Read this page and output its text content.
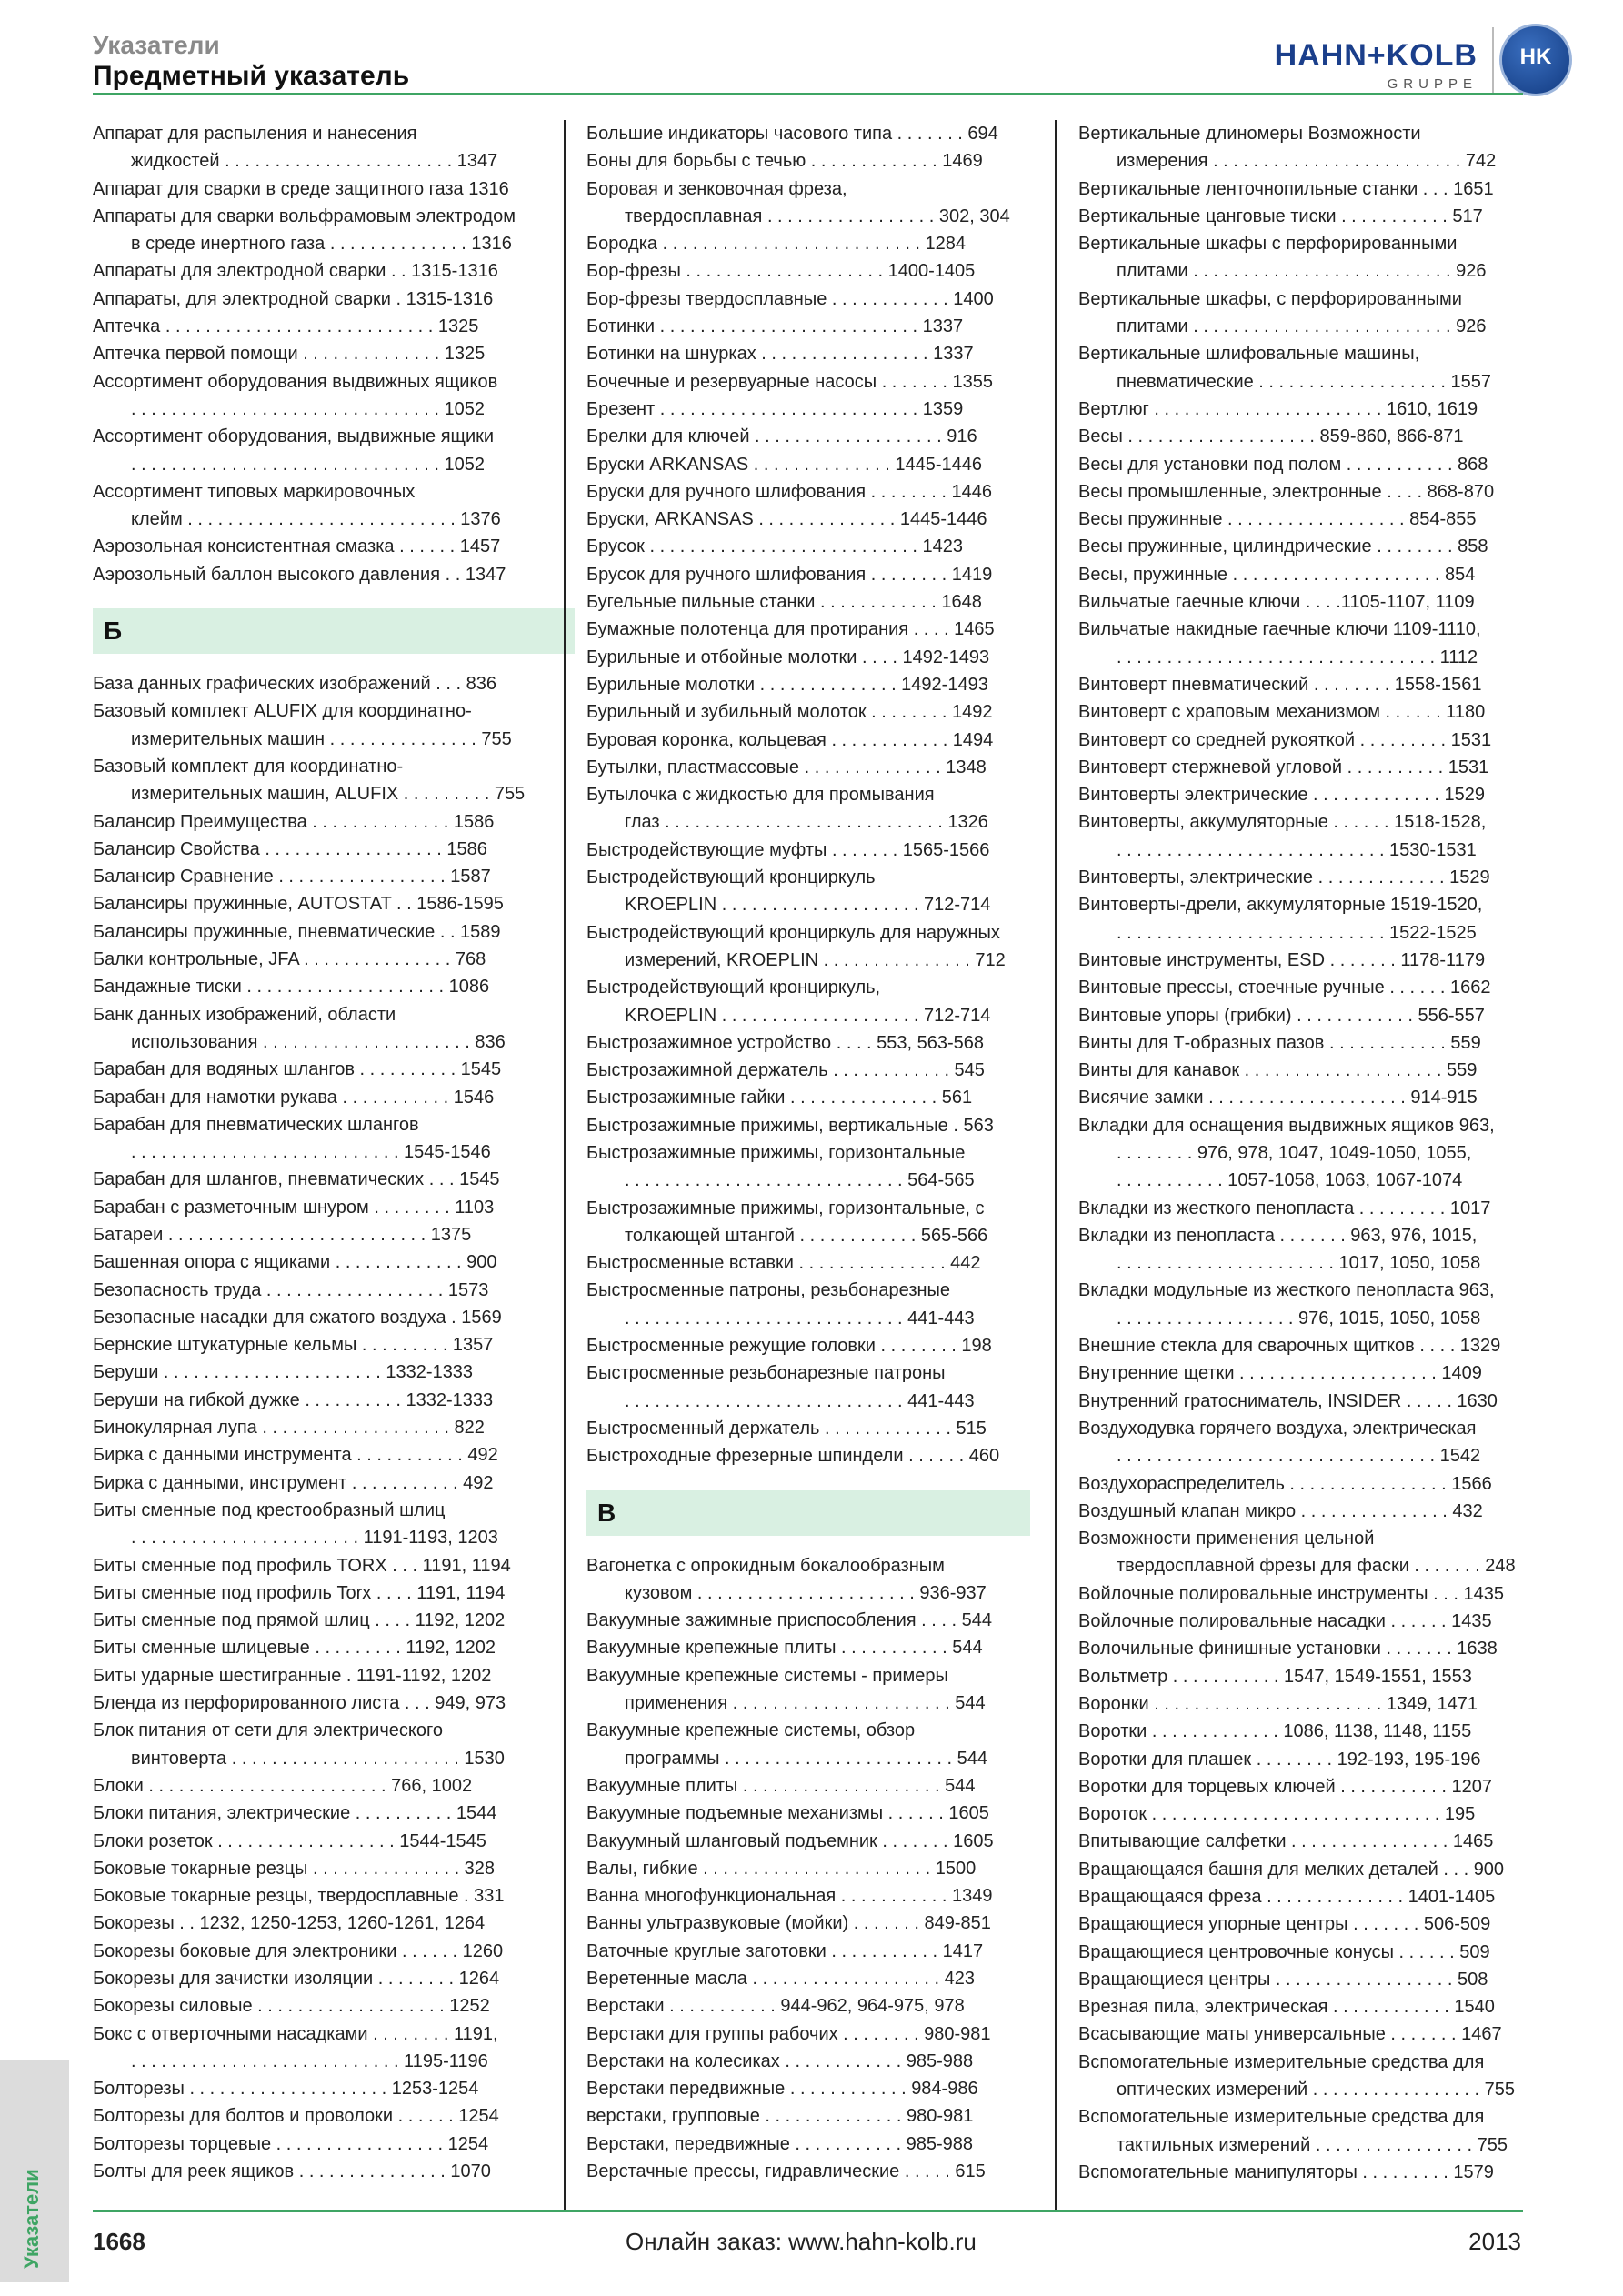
Указатели
Предметный указатель
HAHN+KOLB
GRUPPE
HK
Аппарат для распыления и нанесения
жидкостей . . . . . . . . . . . . . . . . . . . . . . . 1347
Аппарат для сварки в среде защитного газа 1316
Аппараты для сварки вольфрамовым электродом
в среде инертного газа . . . . . . . . . . . . . . 1316
Аппараты для электродной сварки . . 1315-1316
Аппараты, для электродной сварки . 1315-1316
Аптечка . . . . . . . . . . . . . . . . . . . . . . . . . . . 1325
Аптечка первой помощи . . . . . . . . . . . . . . 1325
Ассортимент оборудования выдвижных ящиков
. . . . . . . . . . . . . . . . . . . . . . . . . . . . . . . 1052
Ассортимент оборудования, выдвижные ящики
. . . . . . . . . . . . . . . . . . . . . . . . . . . . . . . 1052
Ассортимент типовых маркировочных
клейм . . . . . . . . . . . . . . . . . . . . . . . . . . . 1376
Аэрозольная консистентная смазка . . . . . . 1457
Аэрозольный баллон высокого давления . . 1347
Б
База данных графических изображений . . . 836
Базовый комплект ALUFIX для координатно-
измерительных машин . . . . . . . . . . . . . . . 755
Базовый комплект для координатно-
измерительных машин, ALUFIX . . . . . . . . . 755
Балансир Преимущества . . . . . . . . . . . . . . 1586
Балансир Свойства . . . . . . . . . . . . . . . . . . 1586
Балансир Сравнение . . . . . . . . . . . . . . . . . 1587
Балансиры пружинные, AUTOSTAT . . 1586-1595
Балансиры пружинные, пневматические . . 1589
Балки контрольные, JFA . . . . . . . . . . . . . . . 768
Бандажные тиски . . . . . . . . . . . . . . . . . . . . 1086
Банк данных изображений, области
использования . . . . . . . . . . . . . . . . . . . . . 836
Барабан для водяных шлангов . . . . . . . . . . 1545
Барабан для намотки рукава . . . . . . . . . . . 1546
Барабан для пневматических шлангов
. . . . . . . . . . . . . . . . . . . . . . . . . . . 1545-1546
Барабан для шлангов, пневматических . . . 1545
Барабан с разметочным шнуром . . . . . . . . 1103
Батареи . . . . . . . . . . . . . . . . . . . . . . . . . . 1375
Башенная опора с ящиками . . . . . . . . . . . . . 900
Безопасность труда . . . . . . . . . . . . . . . . . . 1573
Безопасные насадки для сжатого воздуха . 1569
Бернские штукатурные кельмы . . . . . . . . . 1357
Беруши . . . . . . . . . . . . . . . . . . . . . . 1332-1333
Беруши на гибкой дужке . . . . . . . . . . 1332-1333
Бинокулярная лупа . . . . . . . . . . . . . . . . . . . 822
Бирка с данными инструмента . . . . . . . . . . . 492
Бирка с данными, инструмент . . . . . . . . . . . 492
Биты сменные под крестообразный шлиц
. . . . . . . . . . . . . . . . . . . . . . . 1191-1193, 1203
Биты сменные под профиль TORX . . . 1191, 1194
Биты сменные под профиль Torx . . . . 1191, 1194
Биты сменные под прямой шлиц . . . . 1192, 1202
Биты сменные шлицевые . . . . . . . . . 1192, 1202
Биты ударные шестигранные . 1191-1192, 1202
Бленда из перфорированного листа . . . 949, 973
Блок питания от сети для электрического
винтоверта . . . . . . . . . . . . . . . . . . . . . . . 1530
Блоки . . . . . . . . . . . . . . . . . . . . . . . . 766, 1002
Блоки питания, электрические . . . . . . . . . . 1544
Блоки розеток . . . . . . . . . . . . . . . . . . 1544-1545
Боковые токарные резцы . . . . . . . . . . . . . . . 328
Боковые токарные резцы, твердосплавные . 331
Бокорезы . . 1232, 1250-1253, 1260-1261, 1264
Бокорезы боковые для электроники . . . . . . 1260
Бокорезы для зачистки изоляции . . . . . . . . 1264
Бокорезы силовые . . . . . . . . . . . . . . . . . . . 1252
Бокс с отверточными насадками . . . . . . . . 1191,
. . . . . . . . . . . . . . . . . . . . . . . . . . . 1195-1196
Болторезы . . . . . . . . . . . . . . . . . . . . 1253-1254
Болторезы для болтов и проволоки . . . . . . 1254
Болторезы торцевые . . . . . . . . . . . . . . . . . 1254
Болты для реек ящиков . . . . . . . . . . . . . . . 1070
Большие индикаторы часового типа . . . . . . . 694
Боны для борьбы с течью . . . . . . . . . . . . . 1469
Боровая и зенковочная фреза,
твердосплавная . . . . . . . . . . . . . . . . . 302, 304
Бородка . . . . . . . . . . . . . . . . . . . . . . . . . . 1284
Бор-фрезы . . . . . . . . . . . . . . . . . . . . 1400-1405
Бор-фрезы твердосплавные . . . . . . . . . . . . 1400
Ботинки . . . . . . . . . . . . . . . . . . . . . . . . . . 1337
Ботинки на шнурках . . . . . . . . . . . . . . . . . 1337
Бочечные и резервуарные насосы . . . . . . . 1355
Брезент . . . . . . . . . . . . . . . . . . . . . . . . . . 1359
Брелки для ключей . . . . . . . . . . . . . . . . . . . 916
Бруски ARKANSAS . . . . . . . . . . . . . . 1445-1446
Бруски для ручного шлифования . . . . . . . . 1446
Бруски, ARKANSAS . . . . . . . . . . . . . . 1445-1446
Брусок . . . . . . . . . . . . . . . . . . . . . . . . . . . 1423
Брусок для ручного шлифования . . . . . . . . 1419
Бугельные пильные станки . . . . . . . . . . . . 1648
Бумажные полотенца для протирания . . . . 1465
Бурильные и отбойные молотки . . . . 1492-1493
Бурильные молотки . . . . . . . . . . . . . . 1492-1493
Бурильный и зубильный молоток . . . . . . . . 1492
Буровая коронка, кольцевая . . . . . . . . . . . . 1494
Бутылки, пластмассовые . . . . . . . . . . . . . . 1348
Бутылочка с жидкостью для промывания
глаз . . . . . . . . . . . . . . . . . . . . . . . . . . . . 1326
Быстродействующие муфты . . . . . . . 1565-1566
Быстродействующий кронциркуль
KROEPLIN . . . . . . . . . . . . . . . . . . . . 712-714
Быстродействующий кронциркуль для наружных
измерений, KROEPLIN . . . . . . . . . . . . . . . 712
Быстродействующий кронциркуль,
KROEPLIN . . . . . . . . . . . . . . . . . . . . 712-714
Быстрозажимное устройство . . . . 553, 563-568
Быстрозажимной держатель . . . . . . . . . . . . 545
Быстрозажимные гайки . . . . . . . . . . . . . . . 561
Быстрозажимные прижимы, вертикальные . 563
Быстрозажимные прижимы, горизонтальные
. . . . . . . . . . . . . . . . . . . . . . . . . . . . 564-565
Быстрозажимные прижимы, горизонтальные, с
толкающей штангой . . . . . . . . . . . . 565-566
Быстросменные вставки . . . . . . . . . . . . . . . 442
Быстросменные патроны, резьбонарезные
. . . . . . . . . . . . . . . . . . . . . . . . . . . . 441-443
Быстросменные режущие головки . . . . . . . . 198
Быстросменные резьбонарезные патроны
. . . . . . . . . . . . . . . . . . . . . . . . . . . . 441-443
Быстросменный держатель . . . . . . . . . . . . . 515
Быстроходные фрезерные шпиндели . . . . . . 460
В
Вагонетка с опрокидным бокалообразным
кузовом . . . . . . . . . . . . . . . . . . . . . . 936-937
Вакуумные зажимные приспособления . . . . 544
Вакуумные крепежные плиты . . . . . . . . . . . 544
Вакуумные крепежные системы - примеры
применения . . . . . . . . . . . . . . . . . . . . . . 544
Вакуумные крепежные системы, обзор
программы . . . . . . . . . . . . . . . . . . . . . . . 544
Вакуумные плиты . . . . . . . . . . . . . . . . . . . . 544
Вакуумные подъемные механизмы . . . . . . 1605
Вакуумный шланговый подъемник . . . . . . . 1605
Валы, гибкие . . . . . . . . . . . . . . . . . . . . . . . 1500
Ванна многофункциональная . . . . . . . . . . . 1349
Ванны ультразвуковые (мойки) . . . . . . . 849-851
Ваточные круглые заготовки . . . . . . . . . . . 1417
Веретенные масла . . . . . . . . . . . . . . . . . . . 423
Верстаки . . . . . . . . . . . 944-962, 964-975, 978
Верстаки для группы рабочих . . . . . . . . 980-981
Верстаки на колесиках . . . . . . . . . . . . 985-988
Верстаки передвижные . . . . . . . . . . . . 984-986
верстаки, групповые . . . . . . . . . . . . . . 980-981
Верстаки, передвижные . . . . . . . . . . . 985-988
Верстачные прессы, гидравлические . . . . . 615
Вертикальные длиномеры Возможности
измерения . . . . . . . . . . . . . . . . . . . . . . . . . 742
Вертикальные ленточнопильные станки . . . 1651
Вертикальные цанговые тиски . . . . . . . . . . . 517
Вертикальные шкафы с перфорированными
плитами . . . . . . . . . . . . . . . . . . . . . . . . . . 926
Вертикальные шкафы, с перфорированными
плитами . . . . . . . . . . . . . . . . . . . . . . . . . . 926
Вертикальные шлифовальные машины,
пневматические . . . . . . . . . . . . . . . . . . . 1557
Вертлюг . . . . . . . . . . . . . . . . . . . . . . . 1610, 1619
Весы . . . . . . . . . . . . . . . . . . . 859-860, 866-871
Весы для установки под полом . . . . . . . . . . . 868
Весы промышленные, электронные . . . . 868-870
Весы пружинные . . . . . . . . . . . . . . . . . . 854-855
Весы пружинные, цилиндрические . . . . . . . . 858
Весы, пружинные . . . . . . . . . . . . . . . . . . . . . 854
Вильчатые гаечные ключи . . . .1105-1107, 1109
Вильчатые накидные гаечные ключи 1109-1110,
. . . . . . . . . . . . . . . . . . . . . . . . . . . . . . . . 1112
Винтоверт пневматический . . . . . . . . 1558-1561
Винтоверт с храповым механизмом . . . . . . 1180
Винтоверт со средней рукояткой . . . . . . . . . 1531
Винтоверт стержневой угловой . . . . . . . . . . 1531
Винтоверты электрические . . . . . . . . . . . . . 1529
Винтоверты, аккумуляторные . . . . . . 1518-1528,
. . . . . . . . . . . . . . . . . . . . . . . . . . . 1530-1531
Винтоверты, электрические . . . . . . . . . . . . . 1529
Винтоверты-дрели, аккумуляторные 1519-1520,
. . . . . . . . . . . . . . . . . . . . . . . . . . . 1522-1525
Винтовые инструменты, ESD . . . . . . . 1178-1179
Винтовые прессы, стоечные ручные . . . . . . 1662
Винтовые упоры (грибки) . . . . . . . . . . . . 556-557
Винты для Т-образных пазов . . . . . . . . . . . . 559
Винты для канавок . . . . . . . . . . . . . . . . . . . . 559
Висячие замки . . . . . . . . . . . . . . . . . . . . 914-915
Вкладки для оснащения выдвижных ящиков 963,
. . . . . . . . 976, 978, 1047, 1049-1050, 1055,
. . . . . . . . . . . 1057-1058, 1063, 1067-1074
Вкладки из жесткого пенопласта . . . . . . . . . 1017
Вкладки из пенопласта . . . . . . . 963, 976, 1015,
. . . . . . . . . . . . . . . . . . . . . . 1017, 1050, 1058
Вкладки модульные из жесткого пенопласта 963,
. . . . . . . . . . . . . . . . . . 976, 1015, 1050, 1058
Внешние стекла для сварочных щитков . . . . 1329
Внутренние щетки . . . . . . . . . . . . . . . . . . . . 1409
Внутренний гратосниматель, INSIDER . . . . . 1630
Воздуходувка горячего воздуха, электрическая
. . . . . . . . . . . . . . . . . . . . . . . . . . . . . . . . 1542
Воздухораспределитель . . . . . . . . . . . . . . . . 1566
Воздушный клапан микро . . . . . . . . . . . . . . . 432
Возможности применения цельной
твердосплавной фрезы для фаски . . . . . . . 248
Войлочные полировальные инструменты . . . 1435
Войлочные полировальные насадки . . . . . . 1435
Волочильные финишные установки . . . . . . . 1638
Вольтметр . . . . . . . . . . . 1547, 1549-1551, 1553
Воронки . . . . . . . . . . . . . . . . . . . . . . . 1349, 1471
Воротки . . . . . . . . . . . . . 1086, 1138, 1148, 1155
Воротки для плашек . . . . . . . . 192-193, 195-196
Воротки для торцевых ключей . . . . . . . . . . . 1207
Вороток . . . . . . . . . . . . . . . . . . . . . . . . . . . . . 195
Впитывающие салфетки . . . . . . . . . . . . . . . . 1465
Вращающаяся башня для мелких деталей . . . 900
Вращающаяся фреза . . . . . . . . . . . . . . 1401-1405
Вращающиеся упорные центры . . . . . . . 506-509
Вращающиеся центровочные конусы . . . . . . 509
Вращающиеся центры . . . . . . . . . . . . . . . . . . 508
Врезная пила, электрическая . . . . . . . . . . . . 1540
Всасывающие маты универсальные . . . . . . . 1467
Вспомогательные измерительные средства для
оптических измерений . . . . . . . . . . . . . . . . . 755
Вспомогательные измерительные средства для
тактильных измерений . . . . . . . . . . . . . . . . 755
Вспомогательные манипуляторы . . . . . . . . . 1579
Указатели 1668	Онлайн заказ: www.hahn-kolb.ru	2013
